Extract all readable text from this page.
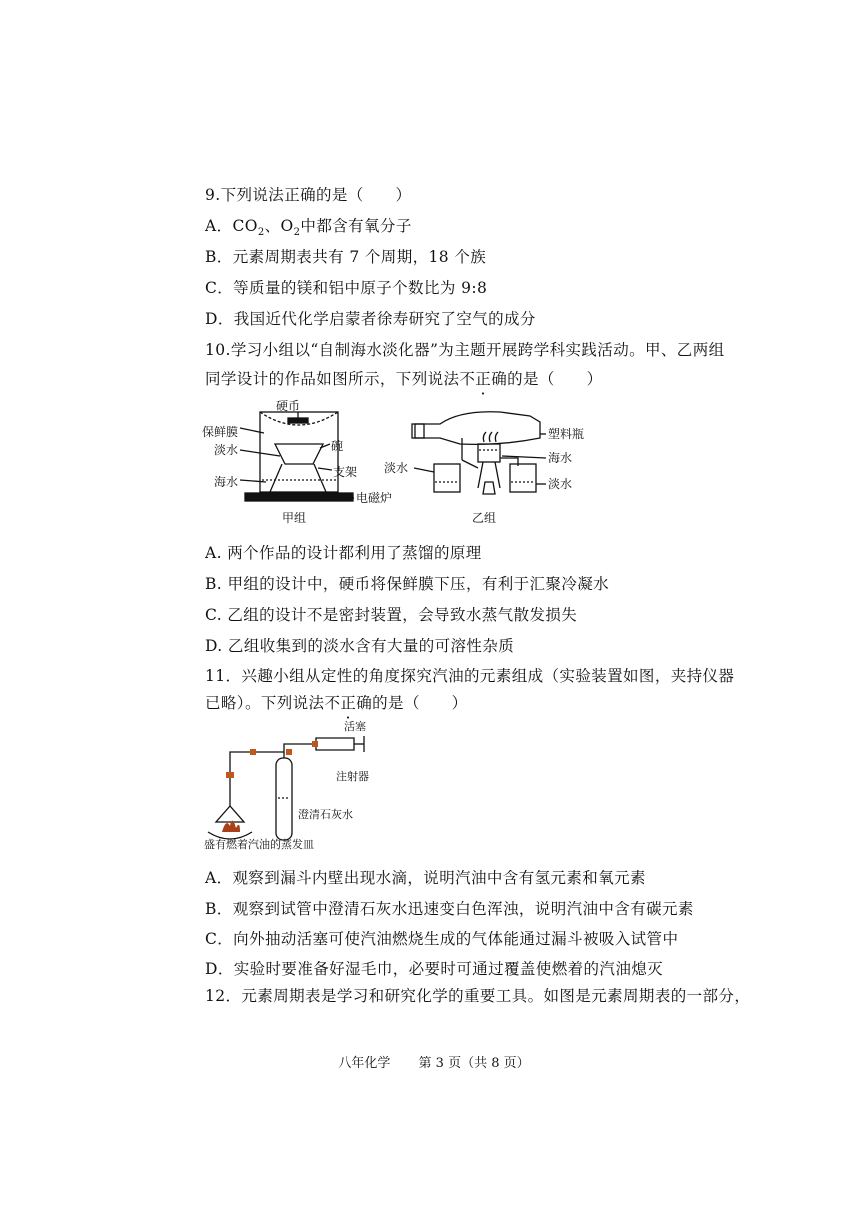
9.下列说法正确的是（　　）
A．$CO_2$、$O_2$中都含有氧分子
B．元素周期表共有 7 个周期，18 个族
C．等质量的镁和铝中原子个数比为 9:8
D．我国近代化学启蒙者徐寿研究了空气的成分
10.学习小组以“自制海水淡化器”为主题开展跨学科实践活动。甲、乙两组
同学设计的作品如图所示，下列说法不正确的是（　　）
硬币
保鲜膜
淡水	碗
支架
海水
电磁炉
甲组
塑料瓶
海水
淡水
淡水
乙组
A. 两个作品的设计都利用了蒸馏的原理
B. 甲组的设计中，硬币将保鲜膜下压，有利于汇聚冷凝水
C. 乙组的设计不是密封装置，会导致水蒸气散发损失
D. 乙组收集到的淡水含有大量的可溶性杂质
11．兴趣小组从定性的角度探究汽油的元素组成（实验装置如图，夹持仪器
已略）。下列说法不正确的是（　　）
活塞
注射器
澄清石灰水
盛有燃着汽油的蒸发皿
A．观察到漏斗内壁出现水滴，说明汽油中含有氢元素和氧元素
B．观察到试管中澄清石灰水迅速变白色浑浊，说明汽油中含有碳元素
C．向外抽动活塞可使汽油燃烧生成的气体能通过漏斗被吸入试管中
D．实验时要准备好湿毛巾，必要时可通过覆盖使燃着的汽油熄灭
12．元素周期表是学习和研究化学的重要工具。如图是元素周期表的一部分，
八年化学 第 3 页（共 8 页）
